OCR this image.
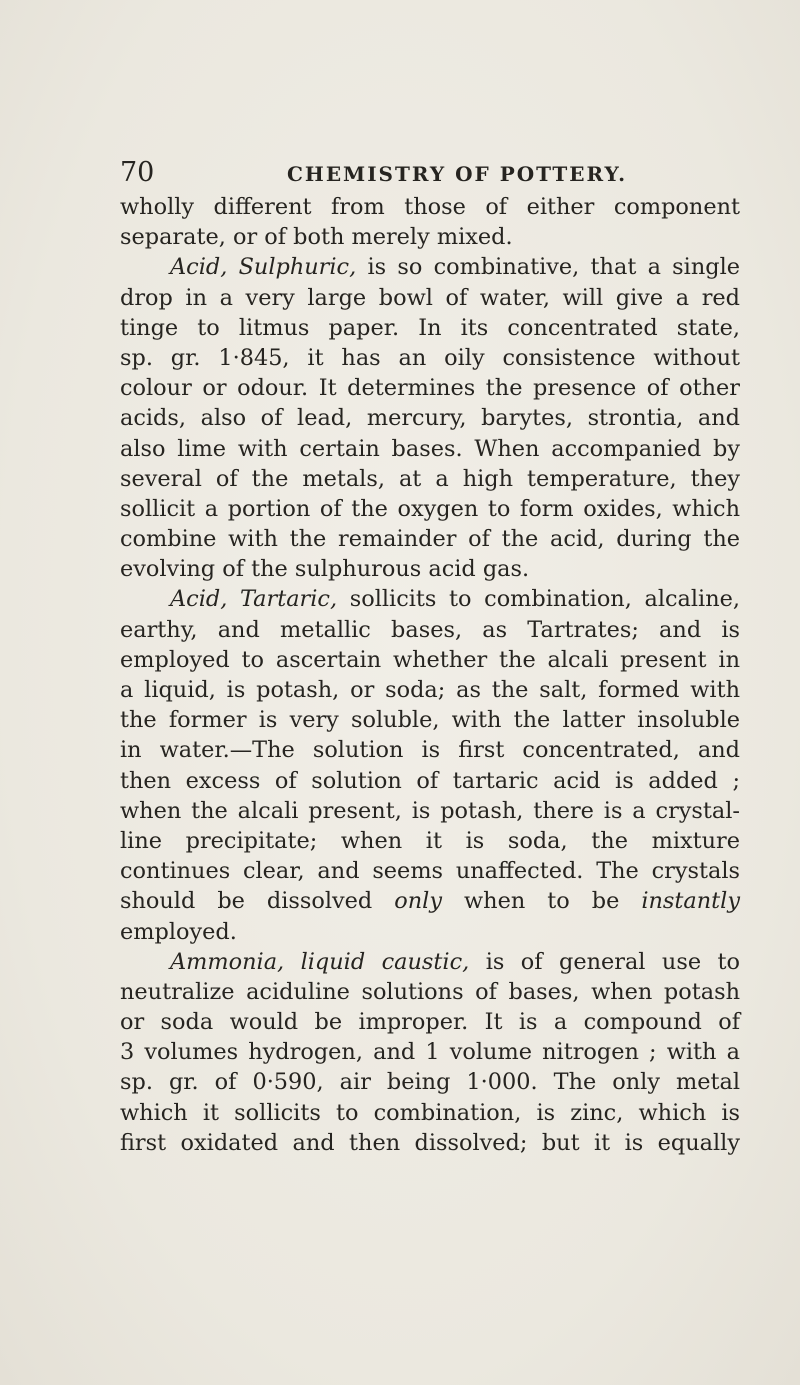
70	CHEMISTRY OF POTTERY.
wholly different from those of either component
separate, or of both merely mixed.
Acid, Sulphuric, is so combinative, that a single
drop in a very large bowl of water, will give a red
tinge to litmus paper. In its concentrated state,
sp. gr. 1·845, it has an oily consistence without
colour or odour. It determines the presence of other
acids, also of lead, mercury, barytes, strontia, and
also lime with certain bases. When accompanied by
several of the metals, at a high temperature, they
sollicit a portion of the oxygen to form oxides, which
combine with the remainder of the acid, during the
evolving of the sulphurous acid gas.
Acid, Tartaric, sollicits to combination, alcaline,
earthy, and metallic bases, as Tartrates; and is
employed to ascertain whether the alcali present in
a liquid, is potash, or soda; as the salt, formed with
the former is very soluble, with the latter insoluble
in water.—The solution is first concentrated, and
then excess of solution of tartaric acid is added ;
when the alcali present, is potash, there is a crystal-
line precipitate; when it is soda, the mixture
continues clear, and seems unaffected. The crystals
should be dissolved only when to be instantly
employed.
Ammonia, liquid caustic, is of general use to
neutralize aciduline solutions of bases, when potash
or soda would be improper. It is a compound of
3 volumes hydrogen, and 1 volume nitrogen ; with a
sp. gr. of 0·590, air being 1·000. The only metal
which it sollicits to combination, is zinc, which is
first oxidated and then dissolved; but it is equally
